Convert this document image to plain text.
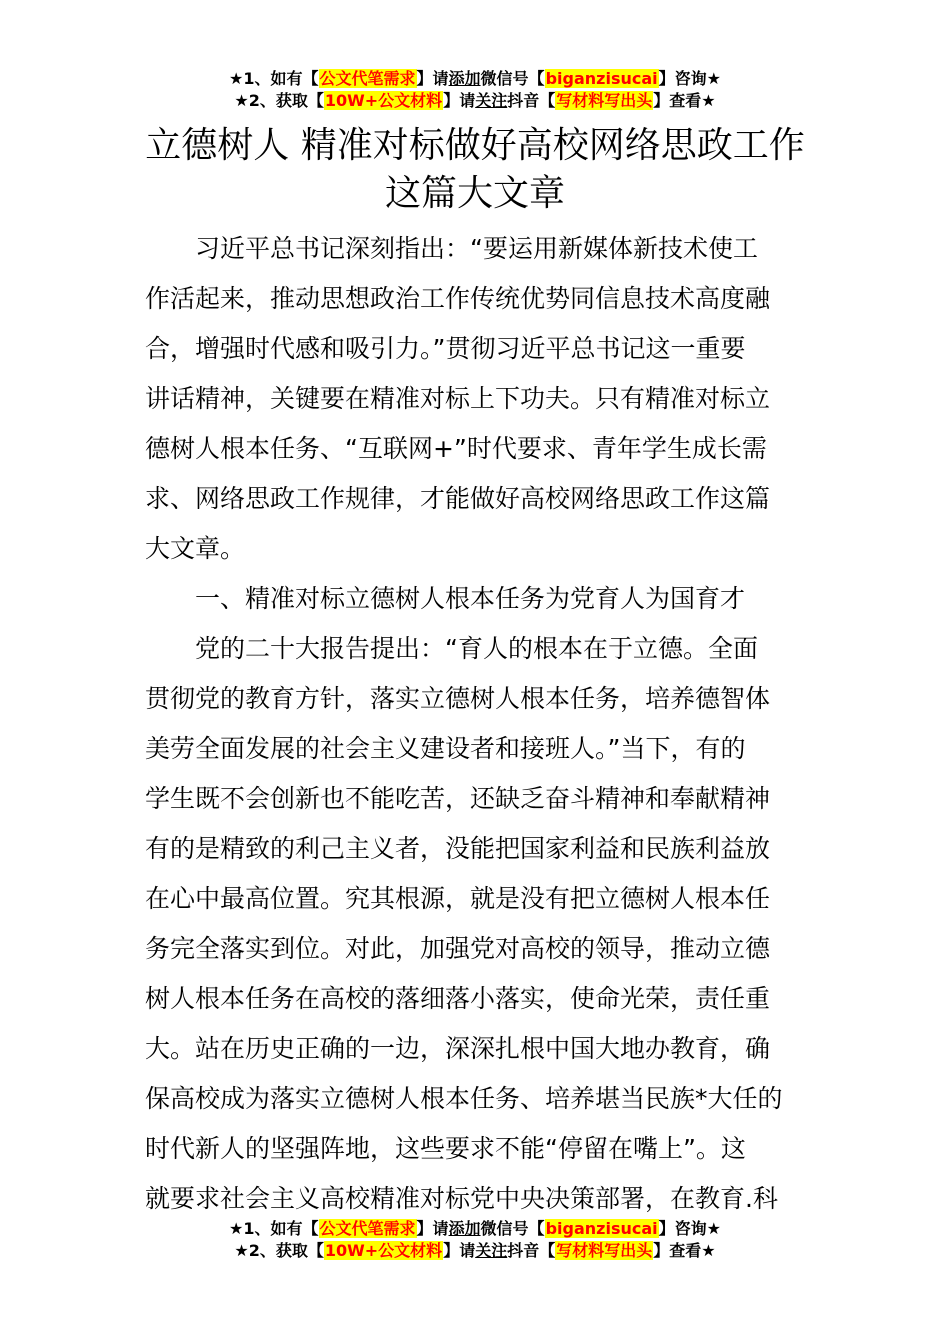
★1、如有【公文代笔需求】请添加微信号【biganzisucai】咨询★
★2、获取【10W+公文材料】请关注抖音【写材料写出头】查看★
立德树人 精准对标做好高校网络思政工作
这篇大文章
习近平总书记深刻指出：“要运用新媒体新技术使工
作活起来，推动思想政治工作传统优势同信息技术高度融
合，增强时代感和吸引力。”贯彻习近平总书记这一重要
讲话精神，关键要在精准对标上下功夫。只有精准对标立
德树人根本任务、“互联网+”时代要求、青年学生成长需
求、网络思政工作规律，才能做好高校网络思政工作这篇
大文章。
一、精准对标立德树人根本任务为党育人为国育才
党的二十大报告提出：“育人的根本在于立德。全面
贯彻党的教育方针，落实立德树人根本任务，培养德智体
美劳全面发展的社会主义建设者和接班人。”当下，有的
学生既不会创新也不能吃苦，还缺乏奋斗精神和奉献精神
有的是精致的利己主义者，没能把国家利益和民族利益放
在心中最高位置。究其根源，就是没有把立德树人根本任
务完全落实到位。对此，加强党对高校的领导，推动立德
树人根本任务在高校的落细落小落实，使命光荣，责任重
大。站在历史正确的一边，深深扎根中国大地办教育，确
保高校成为落实立德树人根本任务、培养堪当民族*大任的
时代新人的坚强阵地，这些要求不能“停留在嘴上”。这
就要求社会主义高校精准对标党中央决策部署，在教育.科
★1、如有【公文代笔需求】请添加微信号【biganzisucai】咨询★
★2、获取【10W+公文材料】请关注抖音【写材料写出头】查看★
